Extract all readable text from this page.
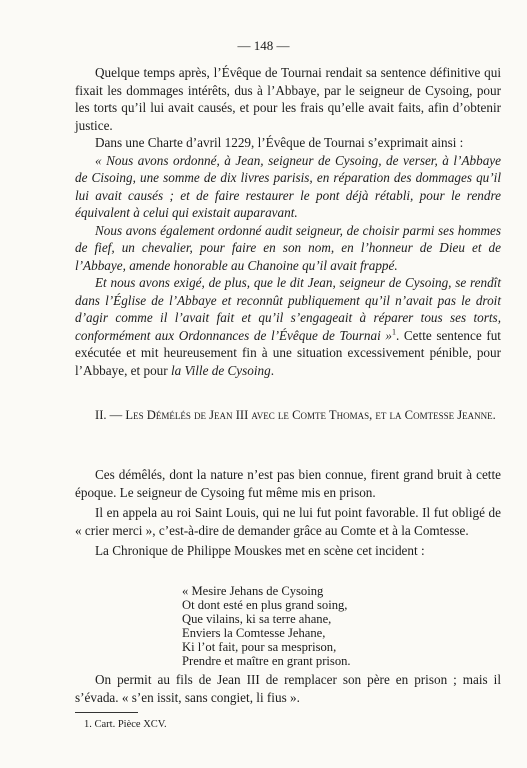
— 148 —

Quelque temps après, l’Évêque de Tournai rendait sa sentence définitive qui fixait les dommages intérêts, dus à l’Abbaye, par le seigneur de Cysoing, pour les torts qu’il lui avait causés, et pour les frais qu’elle avait faits, afin d’obtenir justice.

Dans une Charte d’avril 1229, l’Évêque de Tournai s’exprimait ainsi :

« Nous avons ordonné, à Jean, seigneur de Cysoing, de verser, à l’Abbaye de Cisoing, une somme de dix livres parisis, en réparation des dommages qu’il lui avait causés ; et de faire restaurer le pont déjà rétabli, pour le rendre équivalent à celui qui existait auparavant.

Nous avons également ordonné audit seigneur, de choisir parmi ses hommes de fief, un chevalier, pour faire en son nom, en l’honneur de Dieu et de l’Abbaye, amende honorable au Chanoine qu’il avait frappé.

Et nous avons exigé, de plus, que le dit Jean, seigneur de Cysoing, se rendît dans l’Église de l’Abbaye et reconnût publiquement qu’il n’avait pas le droit d’agir comme il l’avait fait et qu’il s’engageait à réparer tous ses torts, conformément aux Ordonnances de l’Évêque de Tournai »$^1$. Cette sentence fut exécutée et mit heureusement fin à une situation excessivement pénible, pour l’Abbaye, et pour la Ville de Cysoing.

II. — Les Démélés de Jean III avec le Comte Thomas, et la Comtesse Jeanne.

Ces démêlés, dont la nature n’est pas bien connue, firent grand bruit à cette époque. Le seigneur de Cysoing fut même mis en prison.

Il en appela au roi Saint Louis, qui ne lui fut point favorable. Il fut obligé de « crier merci », c’est-à-dire de demander grâce au Comte et à la Comtesse.

La Chronique de Philippe Mouskes met en scène cet incident :

« Mesire Jehans de Cysoing
Ot dont esté en plus grand soing,
Que vilains, ki sa terre ahane,
Enviers la Comtesse Jehane,
Ki l’ot fait, pour sa mesprison,
Prendre et maître en grant prison.

On permit au fils de Jean III de remplacer son père en prison ; mais il s’évada. « s’en issit, sans congiet, li fius ».

1. Cart. Pièce XCV.
